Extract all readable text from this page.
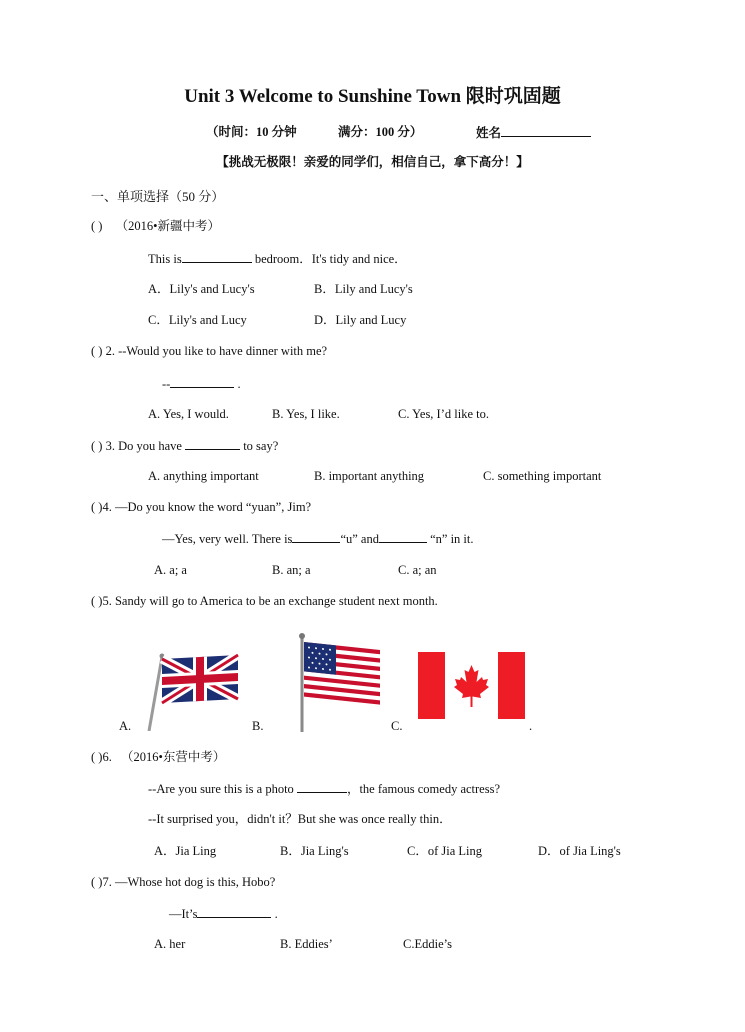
Unit 3 Welcome to Sunshine Town 限时巩固题
（时间：10 分钟	满分：100 分）	姓名
【挑战无极限！亲爱的同学们，相信自己，拿下高分！】
一、单项选择（50 分）
( ) （2016•新疆中考）
This is	bedroom．It's tidy and nice．
A．Lily's and Lucy's	B．Lily and Lucy's
C．Lily's and Lucy	D．Lily and Lucy
( ) 2. --Would you like to have dinner with me?
--	.
A. Yes, I would.	B. Yes, I like.	C. Yes, I’d like to.
( ) 3. Do you have	to say?
A. anything important	B. important anything	C. something important
( )4. —Do you know the word “yuan”, Jim?
—Yes, very well. There is	“u” and	“n” in it.
A. a; a	B. an; a	C. a; an
( )5. Sandy will go to America to be an exchange student next month.
A.	B.	C.	.
( )6. （2016•东营中考）
--Are you sure this is a photo	，the famous comedy actress?
--It surprised you，didn't it？But she was once really thin．
A．Jia Ling	B．Jia Ling's	C．of Jia Ling	D．of Jia Ling's
( )7. —Whose hot dog is this, Hobo?
—It’s	.
A. her	B. Eddies’	C.Eddie’s
